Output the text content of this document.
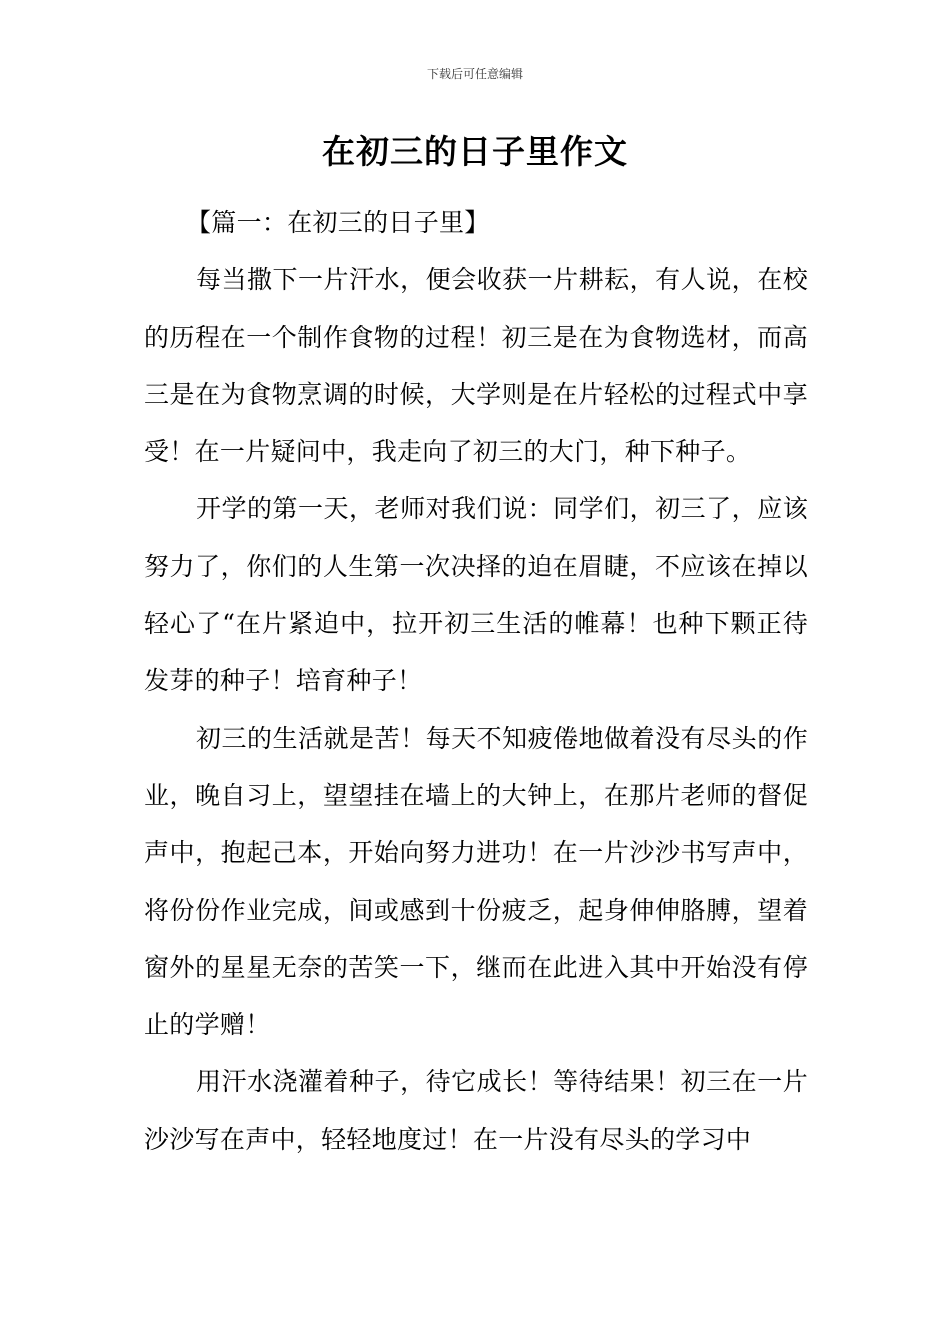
下载后可任意编辑
在初三的日子里作文
【篇一：在初三的日子里】

每当撒下一片汗水，便会收获一片耕耘，有人说，在校的历程在一个制作食物的过程！初三是在为食物选材，而高三是在为食物烹调的时候，大学则是在片轻松的过程式中享受！在一片疑问中，我走向了初三的大门，种下种子。

开学的第一天，老师对我们说：同学们，初三了，应该努力了，你们的人生第一次决择的迫在眉睫，不应该在掉以轻心了“在片紧迫中，拉开初三生活的帷幕！也种下颗正待发芽的种子！培育种子！

初三的生活就是苦！每天不知疲倦地做着没有尽头的作业，晚自习上，望望挂在墙上的大钟上，在那片老师的督促声中，抱起己本，开始向努力进功！在一片沙沙书写声中，将份份作业完成，间或感到十份疲乏，起身伸伸胳膊，望着窗外的星星无奈的苦笑一下，继而在此进入其中开始没有停止的学赠！

用汗水浇灌着种子，待它成长！等待结果！初三在一片沙沙写在声中，轻轻地度过！在一片没有尽头的学习中
